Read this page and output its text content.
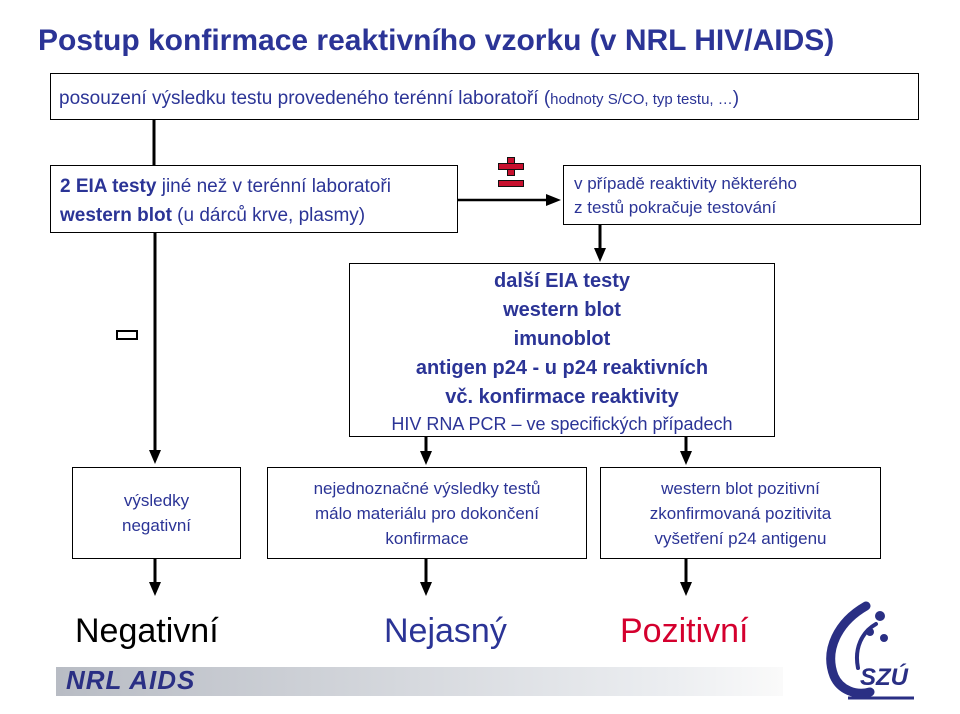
Postup konfirmace reaktivního vzorku (v NRL HIV/AIDS)
posouzení výsledku testu provedeného terénní laboratoří (hodnoty S/CO, typ testu, …)
2 EIA testy jiné než v terénní laboratoři
western blot (u dárců krve, plasmy)
v případě reaktivity některého
z testů pokračuje testování
další EIA testy
western blot
imunoblot
antigen p24 - u p24 reaktivních
vč. konfirmace reaktivity
HIV RNA PCR – ve specifických případech
výsledky
negativní
nejednoznačné výsledky testů
málo materiálu pro dokončení
konfirmace
western blot pozitivní
zkonfirmovaná pozitivita
vyšetření p24 antigenu
Negativní	Nejasný	Pozitivní
NRL AIDS	SZÚ
